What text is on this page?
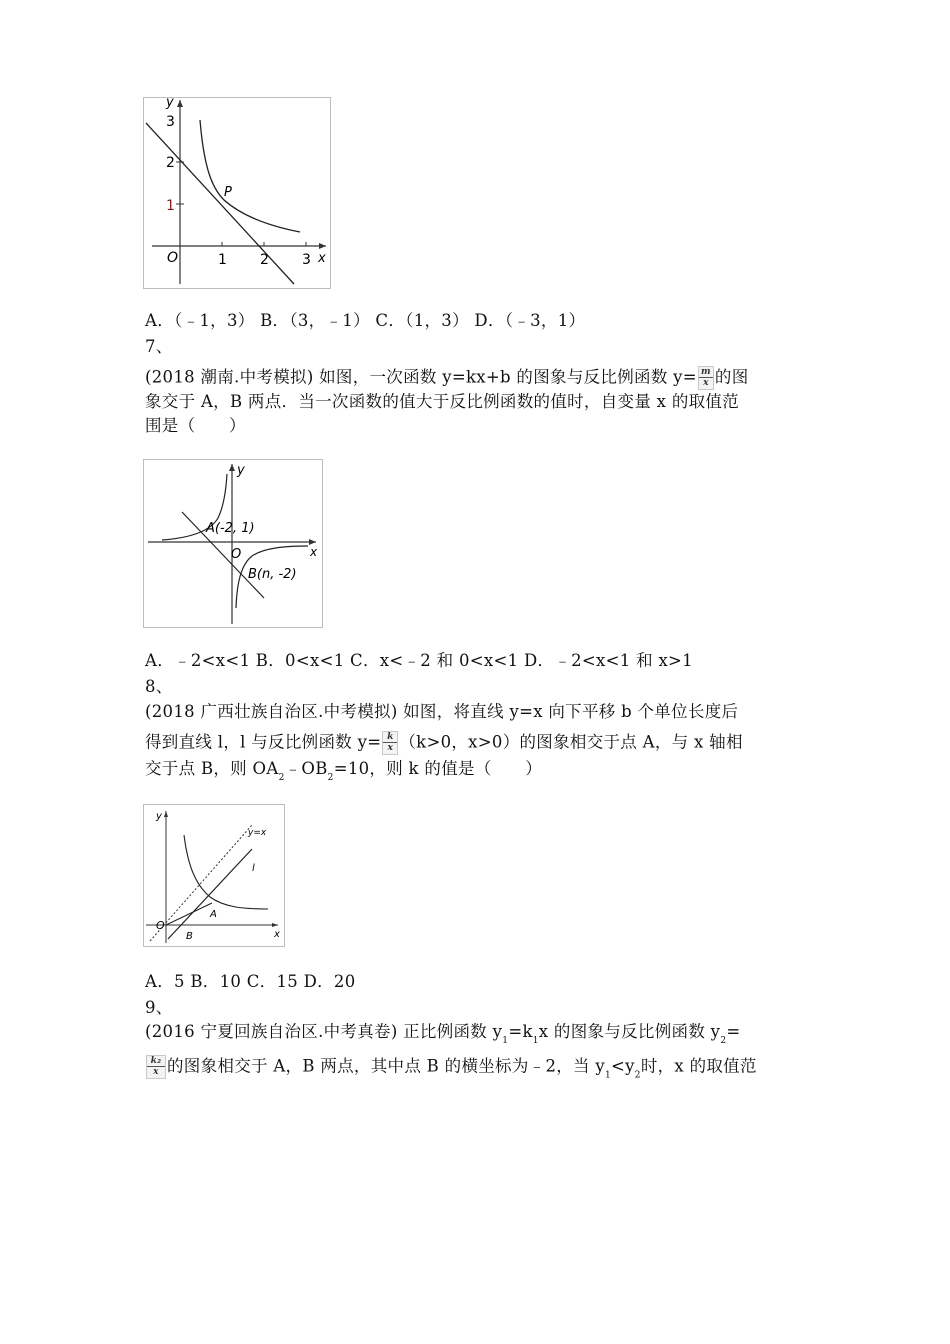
y
x
O
P
3
2
1
1 2 3
A．（﹣1，3） B．（3，﹣1） C．（1，3） D．（﹣3，1）
7、
(2018 潮南.中考模拟) 如图，一次函数 y=kx+b 的图象与反比例函数 $y= \frac{m}{x}$ 的图
象交于 A，B 两点．当一次函数的值大于反比例函数的值时，自变量 x 的取值范
围是（　　）
y
x
O
A(-2, 1)
B(n, -2)
A．﹣2<x<1 B．0<x<1 C．x<﹣2 和 0<x<1 D．﹣2<x<1 和 x>1
8、
(2018 广西壮族自治区.中考模拟) 如图，将直线 y=x 向下平移 b 个单位长度后
得到直线 l，l 与反比例函数 $y= \frac{k}{x} (k>0$，x>0）的图象相交于点 A，与 x 轴相
交于点 B，则 $OA_2﹣OB_2=10$，则 k 的值是（　　）
y
x
O
y=x
l
A
B
A．5 B．10 C．15 D．20
9、
(2016 宁夏回族自治区.中考真卷) 正比例函数 $y_1=k_1x$ 的图象与反比例函数 $y_2=$
$\frac{\text{k₂}}{x}$ 的图象相交于 A，B 两点，其中点 B 的横坐标为﹣2，当 $y_1<y_2$时，x 的取值范
